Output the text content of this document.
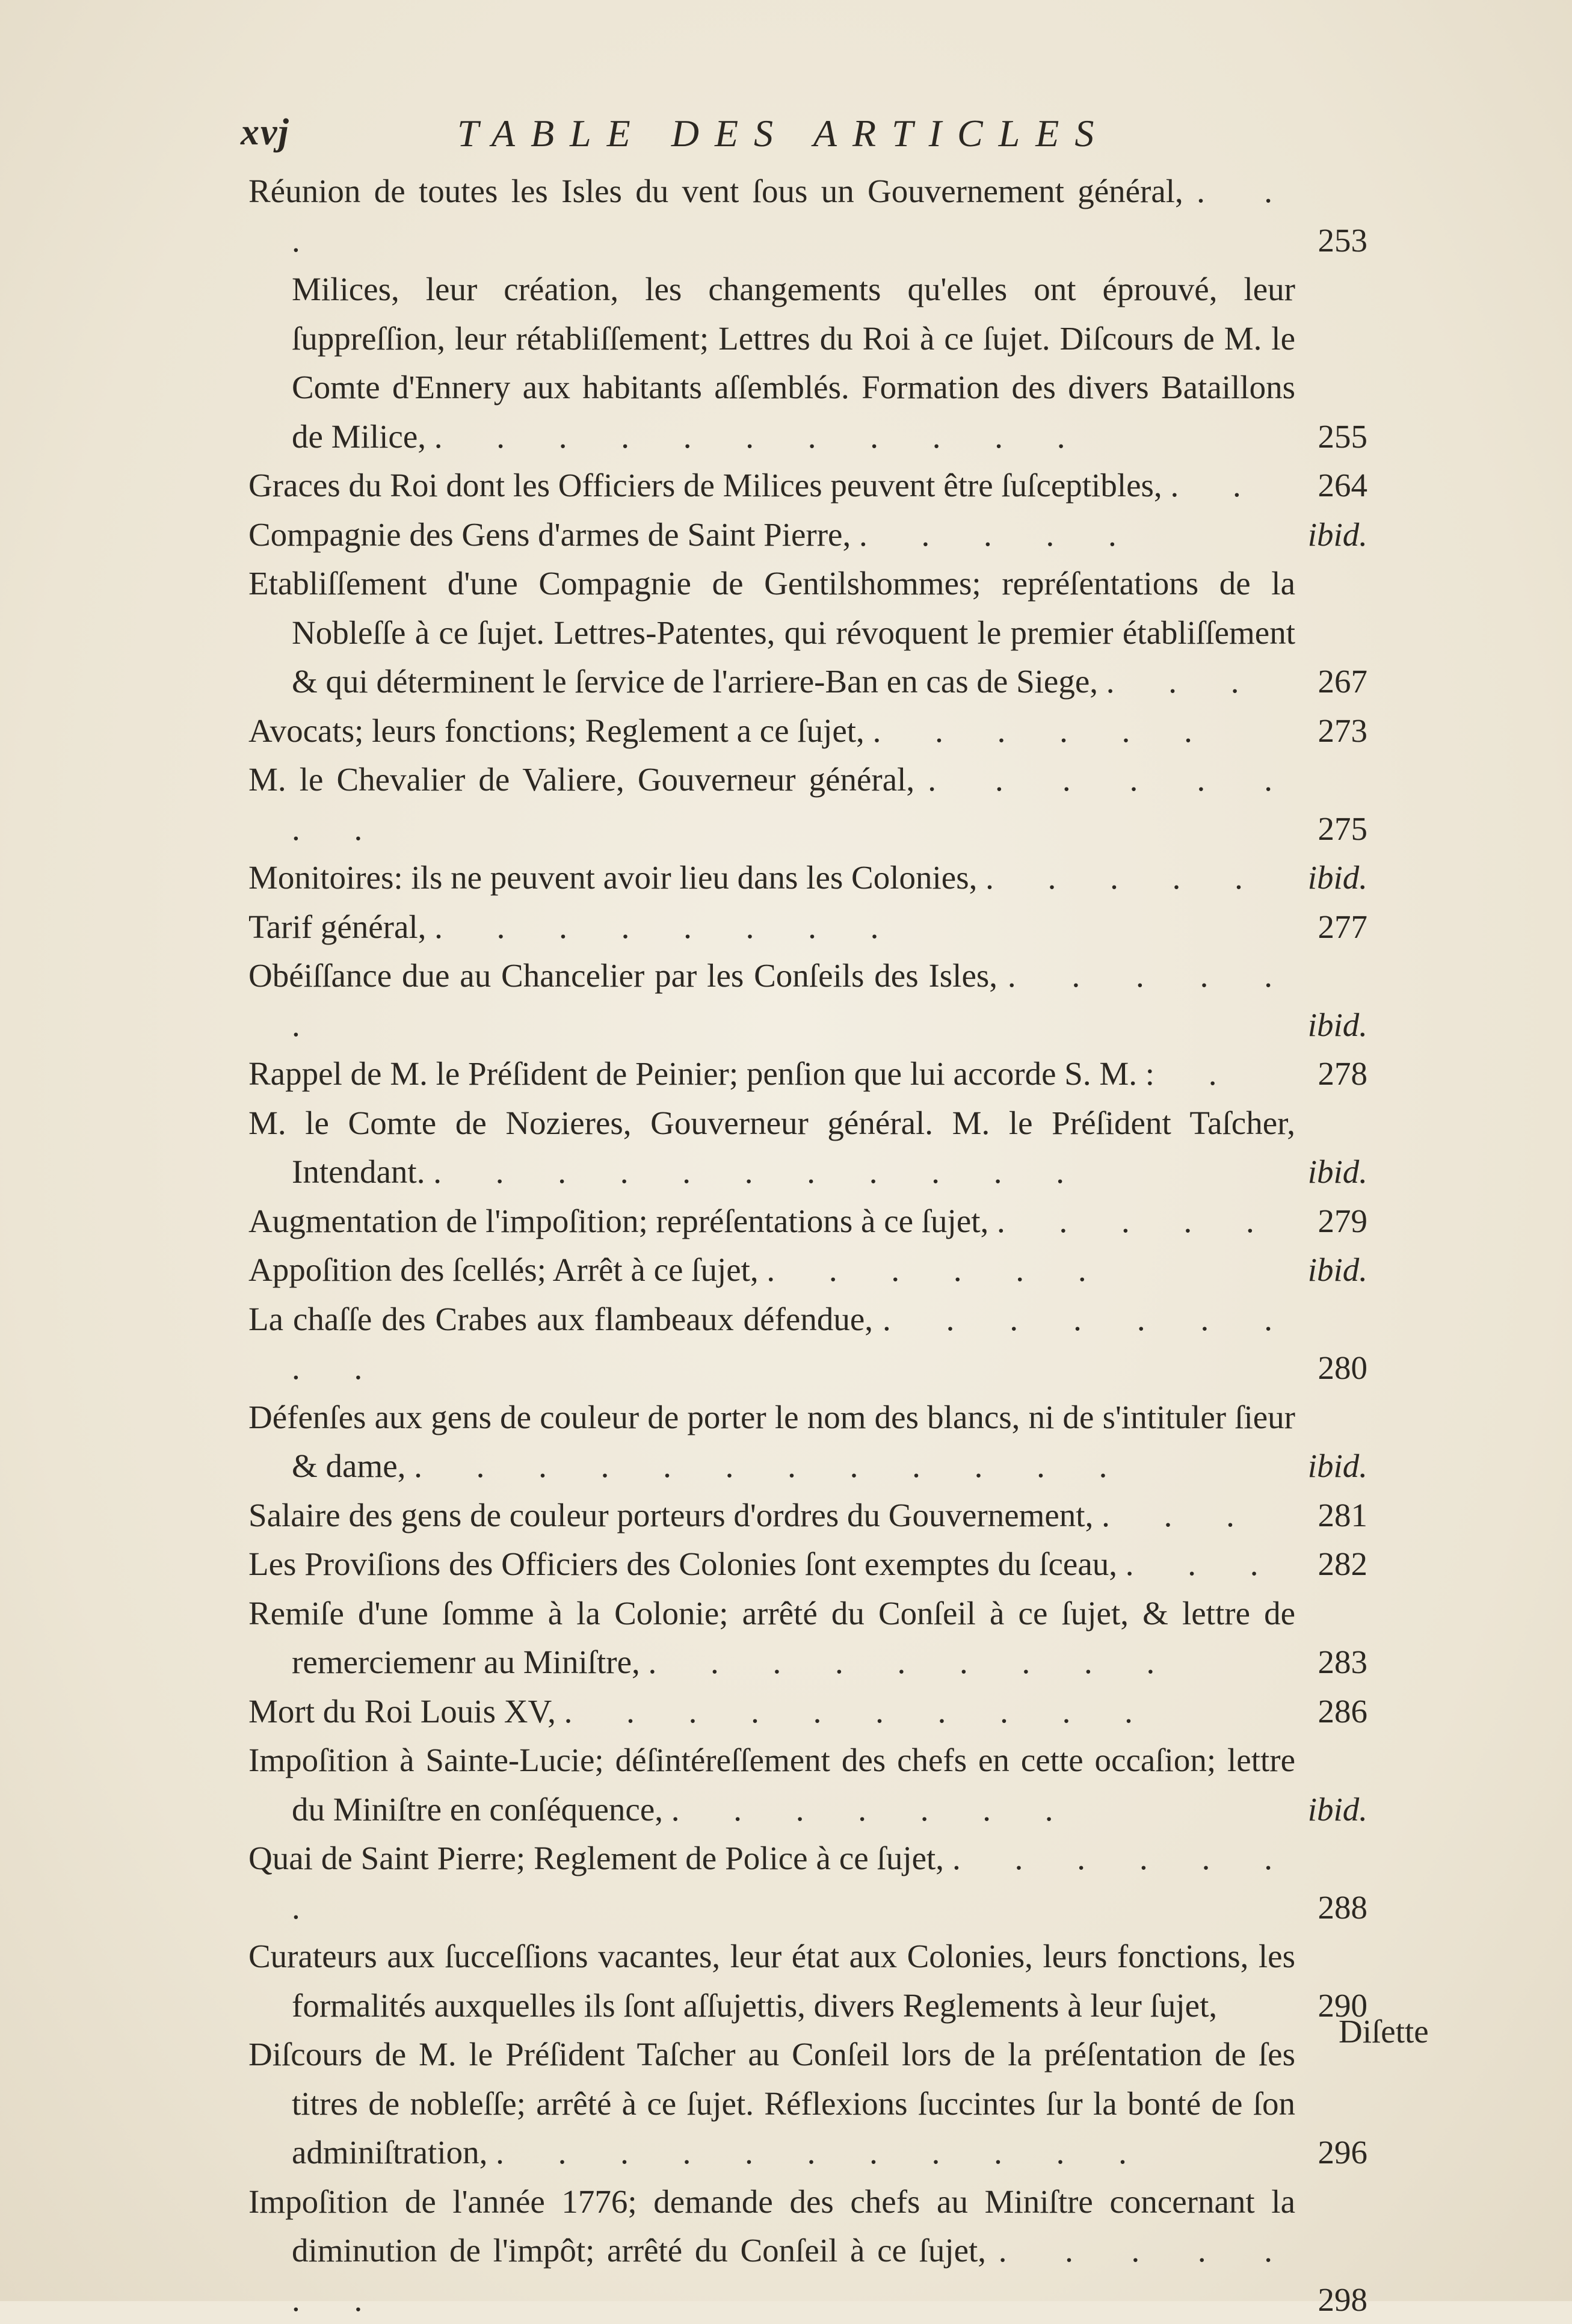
xvj	TABLE DES ARTICLES
Réunion de toutes les Isles du vent ſous un Gouvernement général, . . .	253
Milices, leur création, les changements qu'elles ont éprouvé, leur ſuppreſſion, leur rétabliſſement; Lettres du Roi à ce ſujet. Diſcours de M. le Comte d'Ennery aux habitants aſſemblés. Formation des divers Bataillons de Milice, . . . . . . . . . . .	255
Graces du Roi dont les Officiers de Milices peuvent être ſuſceptibles, . .	264
Compagnie des Gens d'armes de Saint Pierre, . . . . .	ibid.
Etabliſſement d'une Compagnie de Gentilshommes; repréſentations de la Nobleſſe à ce ſujet. Lettres-Patentes, qui révoquent le premier établiſſement & qui déterminent le ſervice de l'arriere-Ban en cas de Siege, . . .	267
Avocats; leurs fonctions; Reglement a ce ſujet, . . . . . .	273
M. le Chevalier de Valiere, Gouverneur général, . . . . . . . .	275
Monitoires: ils ne peuvent avoir lieu dans les Colonies, . . . . .	ibid.
Tarif général, . . . . . . . .	277
Obéiſſance due au Chancelier par les Conſeils des Isles, . . . . . .	ibid.
Rappel de M. le Préſident de Peinier; penſion que lui accorde S. M. : .	278
M. le Comte de Nozieres, Gouverneur général. M. le Préſident Taſcher, Intendant. . . . . . . . . . . .	ibid.
Augmentation de l'impoſition; repréſentations à ce ſujet, . . . . .	279
Appoſition des ſcellés; Arrêt à ce ſujet, . . . . . .	ibid.
La chaſſe des Crabes aux flambeaux défendue, . . . . . . . . .	280
Défenſes aux gens de couleur de porter le nom des blancs, ni de s'intituler ſieur & dame, . . . . . . . . . . . .	ibid.
Salaire des gens de couleur porteurs d'ordres du Gouvernement, . . .	281
Les Proviſions des Officiers des Colonies ſont exemptes du ſceau, . . .	282
Remiſe d'une ſomme à la Colonie; arrêté du Conſeil à ce ſujet, & lettre de remerciemenr au Miniſtre, . . . . . . . . .	283
Mort du Roi Louis XV, . . . . . . . . . .	286
Impoſition à Sainte-Lucie; déſintéreſſement des chefs en cette occaſion; lettre du Miniſtre en conſéquence, . . . . . . .	ibid.
Quai de Saint Pierre; Reglement de Police à ce ſujet, . . . . . . .	288
Curateurs aux ſucceſſions vacantes, leur état aux Colonies, leurs fonctions, les formalités auxquelles ils ſont aſſujettis, divers Reglements à leur ſujet,	290
Diſcours de M. le Préſident Taſcher au Conſeil lors de la préſentation de ſes titres de nobleſſe; arrêté à ce ſujet. Réflexions ſuccintes ſur la bonté de ſon adminiſtration, . . . . . . . . . . .	296
Impoſition de l'année 1776; demande des chefs au Miniſtre concernant la diminution de l'impôt; arrêté du Conſeil à ce ſujet, . . . . . . .	298
Diſette
